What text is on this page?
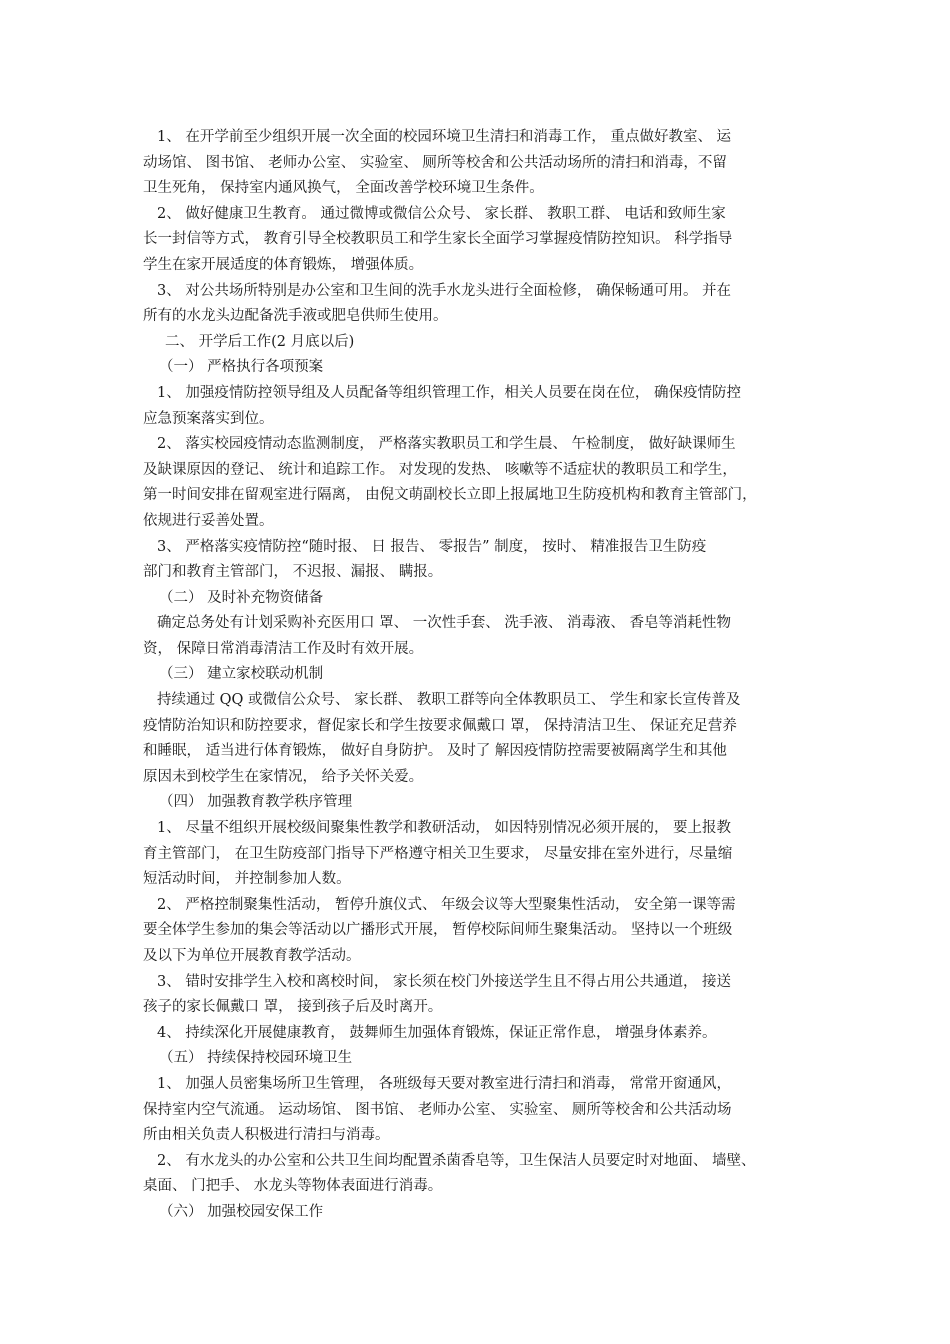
1、 在开学前至少组织开展一次全面的校园环境卫生清扫和消毒工作， 重点做好教室、 运
动场馆、 图书馆、 老师办公室、 实验室、 厕所等校舍和公共活动场所的清扫和消毒，不留
卫生死角， 保持室内通风换气， 全面改善学校环境卫生条件。
2、 做好健康卫生教育。 通过微博或微信公众号、 家长群、 教职工群、 电话和致师生家
长一封信等方式， 教育引导全校教职员工和学生家长全面学习掌握疫情防控知识。 科学指导
学生在家开展适度的体育锻炼， 增强体质。
3、 对公共场所特别是办公室和卫生间的洗手水龙头进行全面检修， 确保畅通可用。 并在
所有的水龙头边配备洗手液或肥皂供师生使用。
二、 开学后工作(2 月底以后)
（一） 严格执行各项预案
1、 加强疫情防控领导组及人员配备等组织管理工作，相关人员要在岗在位， 确保疫情防控
应急预案落实到位。
2、 落实校园疫情动态监测制度， 严格落实教职员工和学生晨、 午检制度， 做好缺课师生
及缺课原因的登记、 统计和追踪工作。 对发现的发热、 咳嗽等不适症状的教职员工和学生，
第一时间安排在留观室进行隔离， 由倪文萌副校长立即上报属地卫生防疫机构和教育主管部门，
依规进行妥善处置。
3、 严格落实疫情防控“随时报、 日 报告、 零报告” 制度， 按时、 精准报告卫生防疫
部门和教育主管部门， 不迟报、漏报、 瞒报。
（二） 及时补充物资储备
确定总务处有计划采购补充医用口 罩、 一次性手套、 洗手液、 消毒液、 香皂等消耗性物
资， 保障日常消毒清洁工作及时有效开展。
（三） 建立家校联动机制
持续通过 QQ 或微信公众号、 家长群、 教职工群等向全体教职员工、 学生和家长宣传普及
疫情防治知识和防控要求，督促家长和学生按要求佩戴口 罩， 保持清洁卫生、 保证充足营养
和睡眠， 适当进行体育锻炼， 做好自身防护。 及时了 解因疫情防控需要被隔离学生和其他
原因未到校学生在家情况， 给予关怀关爱。
（四） 加强教育教学秩序管理
1、 尽量不组织开展校级间聚集性教学和教研活动， 如因特别情况必须开展的， 要上报教
育主管部门， 在卫生防疫部门指导下严格遵守相关卫生要求， 尽量安排在室外进行，尽量缩
短活动时间， 并控制参加人数。
2、 严格控制聚集性活动， 暂停升旗仪式、 年级会议等大型聚集性活动， 安全第一课等需
要全体学生参加的集会等活动以广播形式开展， 暂停校际间师生聚集活动。 坚持以一个班级
及以下为单位开展教育教学活动。
3、 错时安排学生入校和离校时间， 家长须在校门外接送学生且不得占用公共通道， 接送
孩子的家长佩戴口 罩， 接到孩子后及时离开。
4、 持续深化开展健康教育， 鼓舞师生加强体育锻炼，保证正常作息， 增强身体素养。
（五） 持续保持校园环境卫生
1、 加强人员密集场所卫生管理， 各班级每天要对教室进行清扫和消毒， 常常开窗通风，
保持室内空气流通。 运动场馆、 图书馆、 老师办公室、 实验室、 厕所等校舍和公共活动场
所由相关负责人积极进行清扫与消毒。
2、 有水龙头的办公室和公共卫生间均配置杀菌香皂等，卫生保洁人员要定时对地面、 墙壁、
桌面、 门把手、 水龙头等物体表面进行消毒。
（六） 加强校园安保工作
